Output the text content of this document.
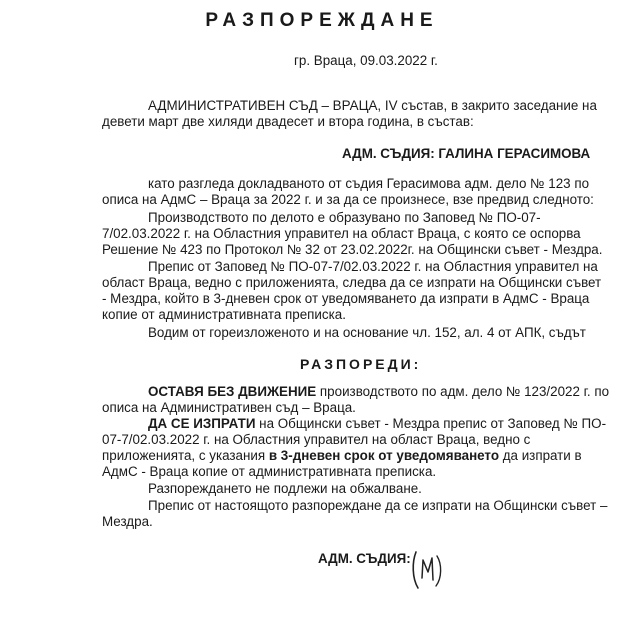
РАЗПОРЕЖДАНЕ
гр. Враца, 09.03.2022 г.
АДМИНИСТРАТИВЕН СЪД – ВРАЦА, IV състав, в закрито заседание на
девети март две хиляди двадесет и втора година, в състав:
АДМ. СЪДИЯ: ГАЛИНА ГЕРАСИМОВА
като разгледа докладваното от съдия Герасимова адм. дело № 123 по
описа на АдмС – Враца за 2022 г. и за да се произнесе, взе предвид следното:
Производството по делото е образувано по Заповед № ПО-07-
7/02.03.2022 г. на Областния управител на област Враца, с която се оспорва
Решение № 423 по Протокол № 32 от 23.02.2022г. на Общински съвет - Мездра.
Препис от Заповед № ПО-07-7/02.03.2022 г. на Областния управител на
област Враца, ведно с приложенията, следва да се изпрати на Общински съвет
- Мездра, който в 3-дневен срок от уведомяването да изпрати в АдмС - Враца
копие от административната преписка.
Водим от гореизложеното и на основание чл. 152, ал. 4 от АПК, съдът
РАЗПОРЕДИ:
ОСТАВЯ БЕЗ ДВИЖЕНИЕ производството по адм. дело № 123/2022 г. по
описа на Административен съд – Враца.
ДА СЕ ИЗПРАТИ на Общински съвет - Мездра препис от Заповед № ПО-
07-7/02.03.2022 г. на Областния управител на област Враца, ведно с
приложенията, с указания в 3-дневен срок от уведомяването да изпрати в
АдмС - Враца копие от административната преписка.
Разпореждането не подлежи на обжалване.
Препис от настоящото разпореждане да се изпрати на Общински съвет –
Мездра.
АДМ. СЪДИЯ:
